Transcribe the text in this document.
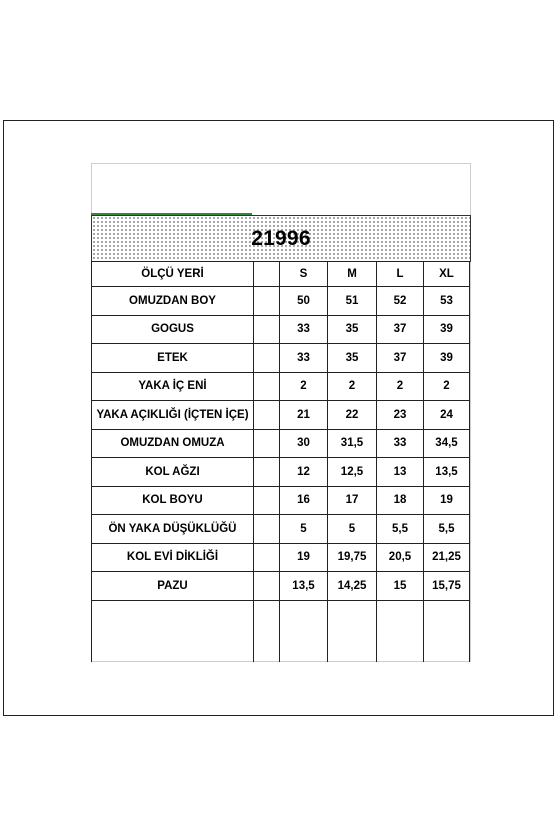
21996
ÖLÇÜ YERİ		S	M	L	XL
OMUZDAN BOY		50	51	52	53
GOGUS		33	35	37	39
ETEK		33	35	37	39
YAKA İÇ ENİ		2	2	2	2
YAKA AÇIKLIĞI (İÇTEN İÇE)		21	22	23	24
OMUZDAN OMUZA		30	31,5	33	34,5
KOL AĞZI		12	12,5	13	13,5
KOL BOYU		16	17	18	19
ÖN YAKA DÜŞÜKLÜĞÜ		5	5	5,5	5,5
KOL EVİ DİKLİĞİ		19	19,75	20,5	21,25
PAZU		13,5	14,25	15	15,75
